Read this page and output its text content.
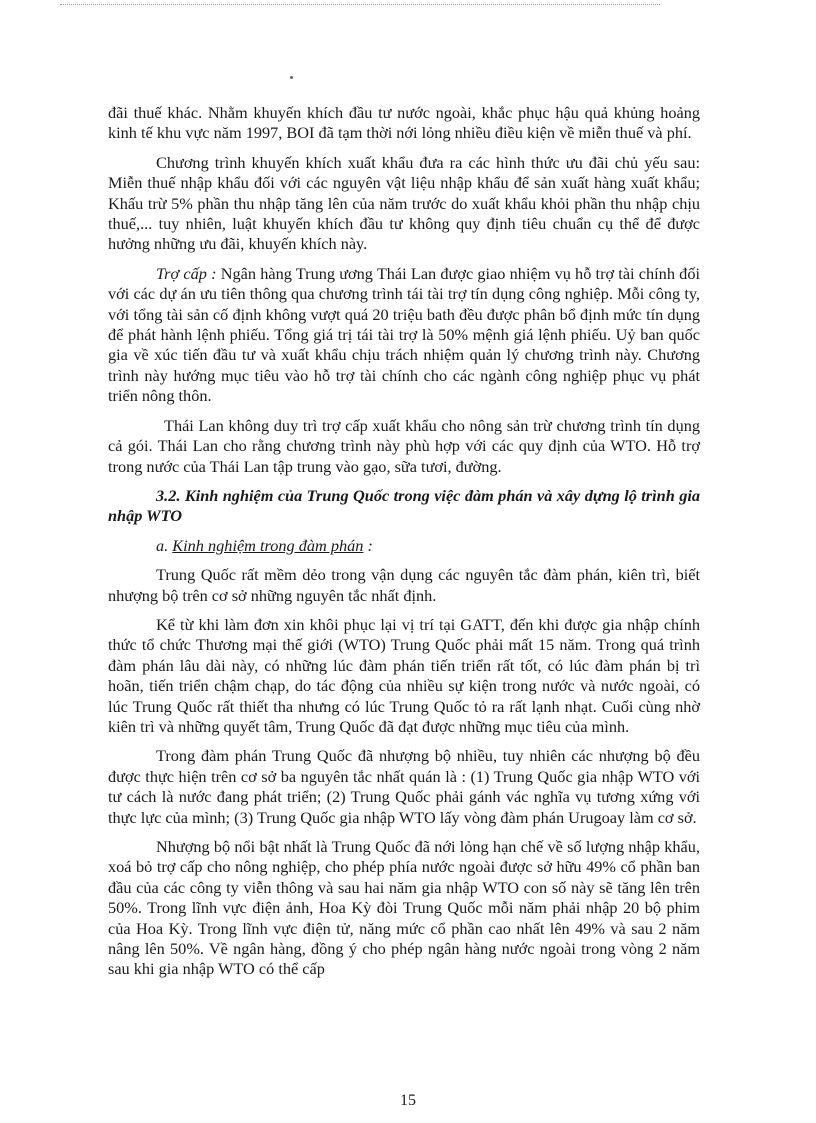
đãi thuế khác. Nhằm khuyến khích đầu tư nước ngoài, khắc phục hậu quả khủng hoảng kinh tế khu vực năm 1997, BOI đã tạm thời nới lỏng nhiều điều kiện về miễn thuế và phí.

Chương trình khuyến khích xuất khẩu đưa ra các hình thức ưu đãi chủ yếu sau: Miễn thuế nhập khẩu đối với các nguyên vật liệu nhập khẩu để sản xuất hàng xuất khẩu; Khấu trừ 5% phần thu nhập tăng lên của năm trước do xuất khẩu khỏi phần thu nhập chịu thuế,... tuy nhiên, luật khuyến khích đầu tư không quy định tiêu chuẩn cụ thể để được hưởng những ưu đãi, khuyến khích này.

Trợ cấp : Ngân hàng Trung ương Thái Lan được giao nhiệm vụ hỗ trợ tài chính đối với các dự án ưu tiên thông qua chương trình tái tài trợ tín dụng công nghiệp. Mỗi công ty, với tổng tài sản cố định không vượt quá 20 triệu bath đều được phân bổ định mức tín dụng để phát hành lệnh phiếu. Tổng giá trị tái tài trợ là 50% mệnh giá lệnh phiếu. Uỷ ban quốc gia về xúc tiến đầu tư và xuất khẩu chịu trách nhiệm quản lý chương trình này. Chương trình này hướng mục tiêu vào hỗ trợ tài chính cho các ngành công nghiệp phục vụ phát triển nông thôn.

Thái Lan không duy trì trợ cấp xuất khẩu cho nông sản trừ chương trình tín dụng cả gói. Thái Lan cho rằng chương trình này phù hợp với các quy định của WTO. Hỗ trợ trong nước của Thái Lan tập trung vào gạo, sữa tươi, đường.

3.2. Kinh nghiệm của Trung Quốc trong việc đàm phán và xây dựng lộ trình gia nhập WTO

a. Kinh nghiệm trong đàm phán :

Trung Quốc rất mềm dẻo trong vận dụng các nguyên tắc đàm phán, kiên trì, biết nhượng bộ trên cơ sở những nguyên tắc nhất định.

Kể từ khi làm đơn xin khôi phục lại vị trí tại GATT, đến khi được gia nhập chính thức tổ chức Thương mại thế giới (WTO) Trung Quốc phải mất 15 năm. Trong quá trình đàm phán lâu dài này, có những lúc đàm phán tiến triển rất tốt, có lúc đàm phán bị trì hoãn, tiến triển chậm chạp, do tác động của nhiều sự kiện trong nước và nước ngoài, có lúc Trung Quốc rất thiết tha nhưng có lúc Trung Quốc tỏ ra rất lạnh nhạt. Cuối cùng nhờ kiên trì và những quyết tâm, Trung Quốc đã đạt được những mục tiêu của mình.

Trong đàm phán Trung Quốc đã nhượng bộ nhiều, tuy nhiên các nhượng bộ đều được thực hiện trên cơ sở ba nguyên tắc nhất quán là : (1) Trung Quốc gia nhập WTO với tư cách là nước đang phát triển; (2) Trung Quốc phải gánh vác nghĩa vụ tương xứng với thực lực của mình; (3) Trung Quốc gia nhập WTO lấy vòng đàm phán Urugoay làm cơ sở.

Nhượng bộ nổi bật nhất là Trung Quốc đã nới lỏng hạn chế về số lượng nhập khẩu, xoá bỏ trợ cấp cho nông nghiệp, cho phép phía nước ngoài được sở hữu 49% cổ phần ban đầu của các công ty viễn thông và sau hai năm gia nhập WTO con số này sẽ tăng lên trên 50%. Trong lĩnh vực điện ảnh, Hoa Kỳ đòi Trung Quốc mỗi năm phải nhập 20 bộ phim của Hoa Kỳ. Trong lĩnh vực điện tử, năng mức cổ phần cao nhất lên 49% và sau 2 năm nâng lên 50%. Về ngân hàng, đồng ý cho phép ngân hàng nước ngoài trong vòng 2 năm sau khi gia nhập WTO có thể cấp

15
